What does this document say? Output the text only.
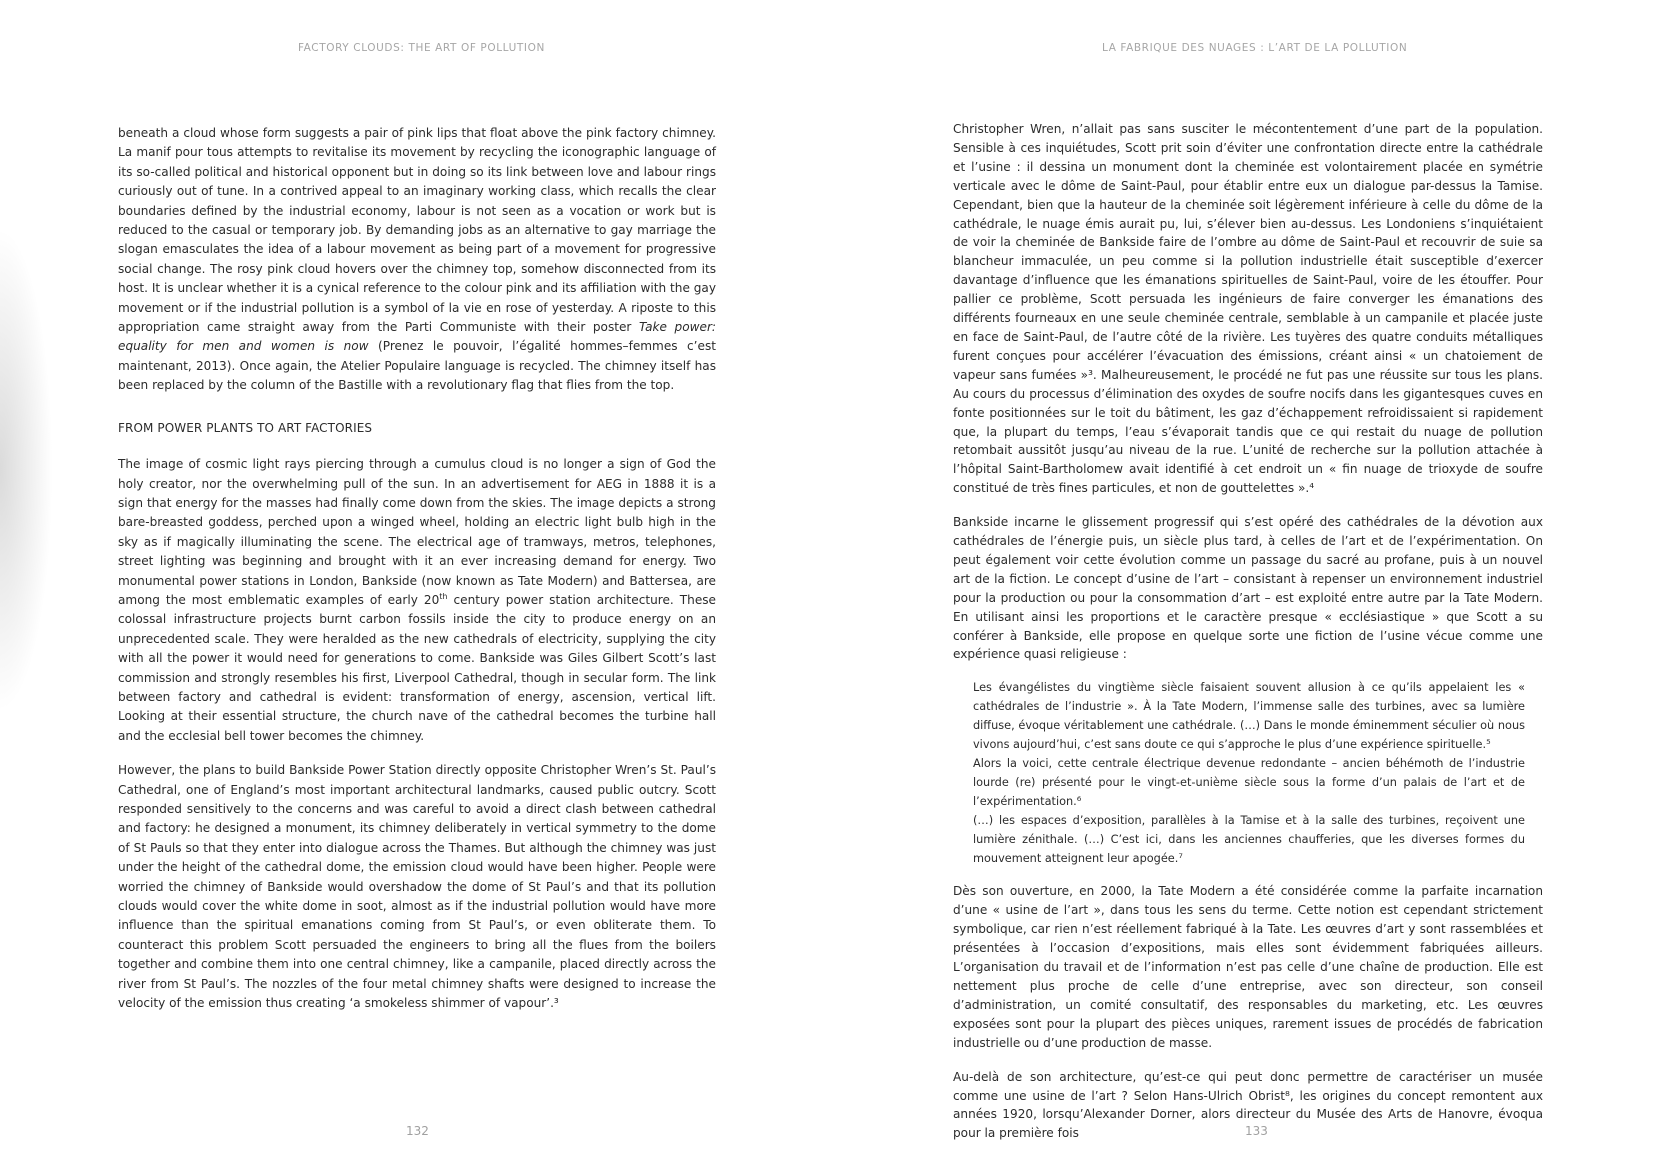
FACTORY CLOUDS: THE ART OF POLLUTION

beneath a cloud whose form suggests a pair of pink lips that float above the pink factory chimney. La manif pour tous attempts to revitalise its movement by recycling the iconographic language of its so-called political and historical opponent but in doing so its link between love and labour rings curiously out of tune. In a contrived appeal to an imaginary working class, which recalls the clear boundaries defined by the industrial economy, labour is not seen as a vocation or work but is reduced to the casual or temporary job. By demanding jobs as an alternative to gay marriage the slogan emasculates the idea of a labour movement as being part of a movement for progressive social change. The rosy pink cloud hovers over the chimney top, somehow disconnected from its host. It is unclear whether it is a cynical reference to the colour pink and its affiliation with the gay movement or if the industrial pollution is a symbol of la vie en rose of yesterday. A riposte to this appropriation came straight away from the Parti Communiste with their poster Take power: equality for men and women is now (Prenez le pouvoir, l’égalité hommes–femmes c’est maintenant, 2013). Once again, the Atelier Populaire language is recycled. The chimney itself has been replaced by the column of the Bastille with a revolutionary flag that flies from the top.

FROM POWER PLANTS TO ART FACTORIES

The image of cosmic light rays piercing through a cumulus cloud is no longer a sign of God the holy creator, nor the overwhelming pull of the sun. In an advertisement for AEG in 1888 it is a sign that energy for the masses had finally come down from the skies. The image depicts a strong bare-breasted goddess, perched upon a winged wheel, holding an electric light bulb high in the sky as if magically illuminating the scene. The electrical age of tramways, metros, telephones, street lighting was beginning and brought with it an ever increasing demand for energy. Two monumental power stations in London, Bankside (now known as Tate Modern) and Battersea, are among the most emblematic examples of early 20th century power station architecture. These colossal infrastructure projects burnt carbon fossils inside the city to produce energy on an unprecedented scale. They were heralded as the new cathedrals of electricity, supplying the city with all the power it would need for generations to come. Bankside was Giles Gilbert Scott’s last commission and strongly resembles his first, Liverpool Cathedral, though in secular form. The link between factory and cathedral is evident: transformation of energy, ascension, vertical lift. Looking at their essential structure, the church nave of the cathedral becomes the turbine hall and the ecclesial bell tower becomes the chimney.

However, the plans to build Bankside Power Station directly opposite Christopher Wren’s St. Paul’s Cathedral, one of England’s most important architectural landmarks, caused public outcry. Scott responded sensitively to the concerns and was careful to avoid a direct clash between cathedral and factory: he designed a monument, its chimney deliberately in vertical symmetry to the dome of St Pauls so that they enter into dialogue across the Thames. But although the chimney was just under the height of the cathedral dome, the emission cloud would have been higher. People were worried the chimney of Bankside would overshadow the dome of St Paul’s and that its pollution clouds would cover the white dome in soot, almost as if the industrial pollution would have more influence than the spiritual emanations coming from St Paul’s, or even obliterate them. To counteract this problem Scott persuaded the engineers to bring all the flues from the boilers together and combine them into one central chimney, like a campanile, placed directly across the river from St Paul’s. The nozzles of the four metal chimney shafts were designed to increase the velocity of the emission thus creating ‘a smokeless shimmer of vapour’.³

132
LA FABRIQUE DES NUAGES : L’ART DE LA POLLUTION

Christopher Wren, n’allait pas sans susciter le mécontentement d’une part de la population. Sensible à ces inquiétudes, Scott prit soin d’éviter une confrontation directe entre la cathédrale et l’usine : il dessina un monument dont la cheminée est volontairement placée en symétrie verticale avec le dôme de Saint-Paul, pour établir entre eux un dialogue par-dessus la Tamise. Cependant, bien que la hauteur de la cheminée soit légèrement inférieure à celle du dôme de la cathédrale, le nuage émis aurait pu, lui, s’élever bien au-dessus. Les Londoniens s’inquiétaient de voir la cheminée de Bankside faire de l’ombre au dôme de Saint-Paul et recouvrir de suie sa blancheur immaculée, un peu comme si la pollution industrielle était susceptible d’exercer davantage d’influence que les émanations spirituelles de Saint-Paul, voire de les étouffer. Pour pallier ce problème, Scott persuada les ingénieurs de faire converger les émanations des différents fourneaux en une seule cheminée centrale, semblable à un campanile et placée juste en face de Saint-Paul, de l’autre côté de la rivière. Les tuyères des quatre conduits métalliques furent conçues pour accélérer l’évacuation des émissions, créant ainsi « un chatoiement de vapeur sans fumées »³. Malheureusement, le procédé ne fut pas une réussite sur tous les plans. Au cours du processus d’élimination des oxydes de soufre nocifs dans les gigantesques cuves en fonte positionnées sur le toit du bâtiment, les gaz d’échappement refroidissaient si rapidement que, la plupart du temps, l’eau s’évaporait tandis que ce qui restait du nuage de pollution retombait aussitôt jusqu’au niveau de la rue. L’unité de recherche sur la pollution attachée à l’hôpital Saint-Bartholomew avait identifié à cet endroit un « fin nuage de trioxyde de soufre constitué de très fines particules, et non de gouttelettes ».⁴

Bankside incarne le glissement progressif qui s’est opéré des cathédrales de la dévotion aux cathédrales de l’énergie puis, un siècle plus tard, à celles de l’art et de l’expérimentation. On peut également voir cette évolution comme un passage du sacré au profane, puis à un nouvel art de la fiction. Le concept d’usine de l’art – consistant à repenser un environnement industriel pour la production ou pour la consommation d’art – est exploité entre autre par la Tate Modern. En utilisant ainsi les proportions et le caractère presque « ecclésiastique » que Scott a su conférer à Bankside, elle propose en quelque sorte une fiction de l’usine vécue comme une expérience quasi religieuse :

Les évangélistes du vingtième siècle faisaient souvent allusion à ce qu’ils appelaient les « cathédrales de l’industrie ». À la Tate Modern, l’immense salle des turbines, avec sa lumière diffuse, évoque véritablement une cathédrale. (…) Dans le monde éminemment séculier où nous vivons aujourd’hui, c’est sans doute ce qui s’approche le plus d’une expérience spirituelle.⁵

Alors la voici, cette centrale électrique devenue redondante – ancien béhémoth de l’industrie lourde (re) présenté pour le vingt-et-unième siècle sous la forme d’un palais de l’art et de l’expérimentation.⁶

(…) les espaces d’exposition, parallèles à la Tamise et à la salle des turbines, reçoivent une lumière zénithale. (…) C’est ici, dans les anciennes chaufferies, que les diverses formes du mouvement atteignent leur apogée.⁷

Dès son ouverture, en 2000, la Tate Modern a été considérée comme la parfaite incarnation d’une « usine de l’art », dans tous les sens du terme. Cette notion est cependant strictement symbolique, car rien n’est réellement fabriqué à la Tate. Les œuvres d’art y sont rassemblées et présentées à l’occasion d’expositions, mais elles sont évidemment fabriquées ailleurs. L’organisation du travail et de l’information n’est pas celle d’une chaîne de production. Elle est nettement plus proche de celle d’une entreprise, avec son directeur, son conseil d’administration, un comité consultatif, des responsables du marketing, etc. Les œuvres exposées sont pour la plupart des pièces uniques, rarement issues de procédés de fabrication industrielle ou d’une production de masse.

Au-delà de son architecture, qu’est-ce qui peut donc permettre de caractériser un musée comme une usine de l’art ? Selon Hans-Ulrich Obrist⁸, les origines du concept remontent aux années 1920, lorsqu’Alexander Dorner, alors directeur du Musée des Arts de Hanovre, évoqua pour la première fois	133
